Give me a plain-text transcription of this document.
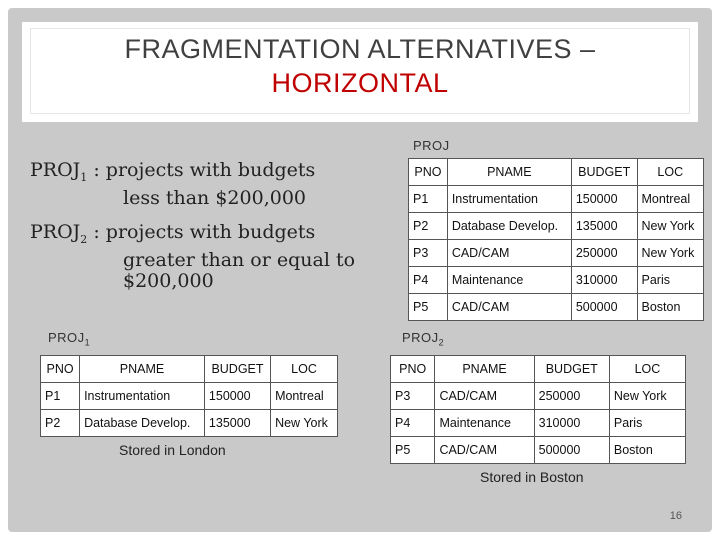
FRAGMENTATION ALTERNATIVES –
HORIZONTAL
$PROJ_1$ : projects with budgets
less than $200,000
$PROJ_2$ : projects with budgets
greater than or equal to
$200,000
PROJ
PNO	PNAME	BUDGET	LOC
P1	Instrumentation	150000	Montreal
P2	Database Develop.	135000	New York
P3	CAD/CAM	250000	New York
P4	Maintenance	310000	Paris
P5	CAD/CAM	500000	Boston
$PROJ_1$
PNO	PNAME	BUDGET	LOC
P1	Instrumentation	150000	Montreal
P2	Database Develop.	135000	New York
Stored in London
$PROJ_2$
PNO	PNAME	BUDGET	LOC
P3	CAD/CAM	250000	New York
P4	Maintenance	310000	Paris
P5	CAD/CAM	500000	Boston
Stored in Boston
16
